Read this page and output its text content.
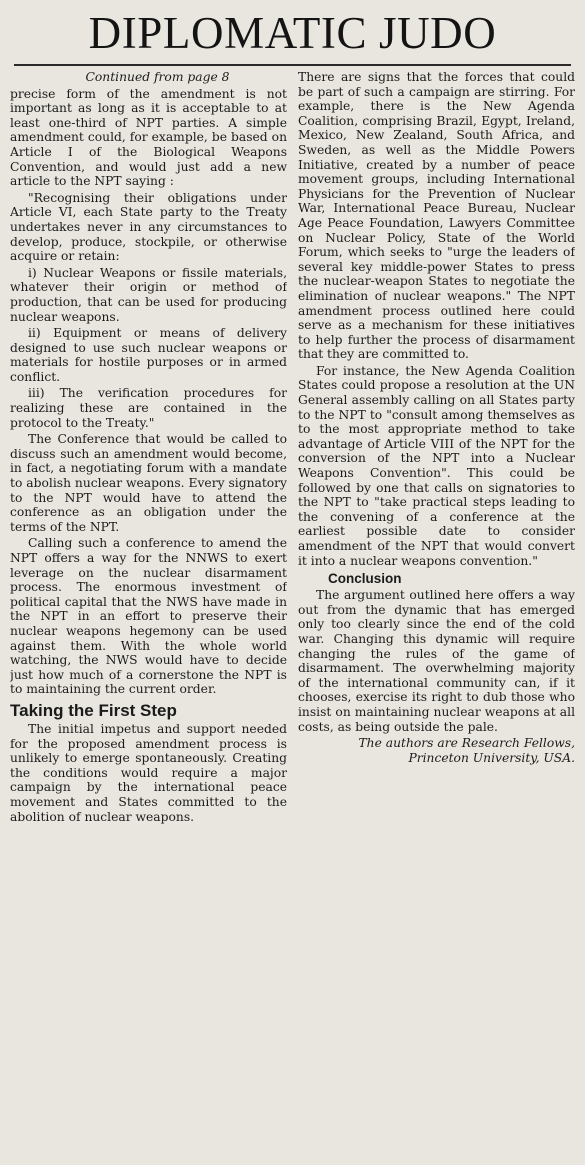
DIPLOMATIC JUDO

Continued from page 8

precise form of the amendment is not important as long as it is acceptable to at least one-third of NPT parties. A simple amendment could, for example, be based on Article I of the Biological Weapons Convention, and would just add a new article to the NPT saying :

"Recognising their obligations under Article VI, each State party to the Treaty undertakes never in any circumstances to develop, produce, stockpile, or otherwise acquire or retain:

i) Nuclear Weapons or fissile materials, whatever their origin or method of production, that can be used for producing nuclear weapons.

ii) Equipment or means of delivery designed to use such nuclear weapons or materials for hostile purposes or in armed conflict.

iii) The verification procedures for realizing these are contained in the protocol to the Treaty."

The Conference that would be called to discuss such an amendment would become, in fact, a negotiating forum with a mandate to abolish nuclear weapons. Every signatory to the NPT would have to attend the conference as an obligation under the terms of the NPT.

Calling such a conference to amend the NPT offers a way for the NNWS to exert leverage on the nuclear disarmament process. The enormous investment of political capital that the NWS have made in the NPT in an effort to preserve their nuclear weapons hegemony can be used against them. With the whole world watching, the NWS would have to decide just how much of a cornerstone the NPT is to maintaining the current order.

Taking the First Step

The initial impetus and support needed for the proposed amendment process is unlikely to emerge spontaneously. Creating the conditions would require a major campaign by the international peace movement and States committed to the abolition of nuclear weapons.

There are signs that the forces that could be part of such a campaign are stirring. For example, there is the New Agenda Coalition, comprising Brazil, Egypt, Ireland, Mexico, New Zealand, South Africa, and Sweden, as well as the Middle Powers Initiative, created by a number of peace movement groups, including International Physicians for the Prevention of Nuclear War, International Peace Bureau, Nuclear Age Peace Foundation, Lawyers Committee on Nuclear Policy, State of the World Forum, which seeks to "urge the leaders of several key middle-power States to press the nuclear-weapon States to negotiate the elimination of nuclear weapons." The NPT amendment process outlined here could serve as a mechanism for these initiatives to help further the process of disarmament that they are committed to.

For instance, the New Agenda Coalition States could propose a resolution at the UN General assembly calling on all States party to the NPT to "consult among themselves as to the most appropriate method to take advantage of Article VIII of the NPT for the conversion of the NPT into a Nuclear Weapons Convention". This could be followed by one that calls on signatories to the NPT to "take practical steps leading to the convening of a conference at the earliest possible date to consider amendment of the NPT that would convert it into a nuclear weapons convention."

Conclusion

The argument outlined here offers a way out from the dynamic that has emerged only too clearly since the end of the cold war. Changing this dynamic will require changing the rules of the game of disarmament. The overwhelming majority of the international community can, if it chooses, exercise its right to dub those who insist on maintaining nuclear weapons at all costs, as being outside the pale.

The authors are Research Fellows, Princeton University, USA.
